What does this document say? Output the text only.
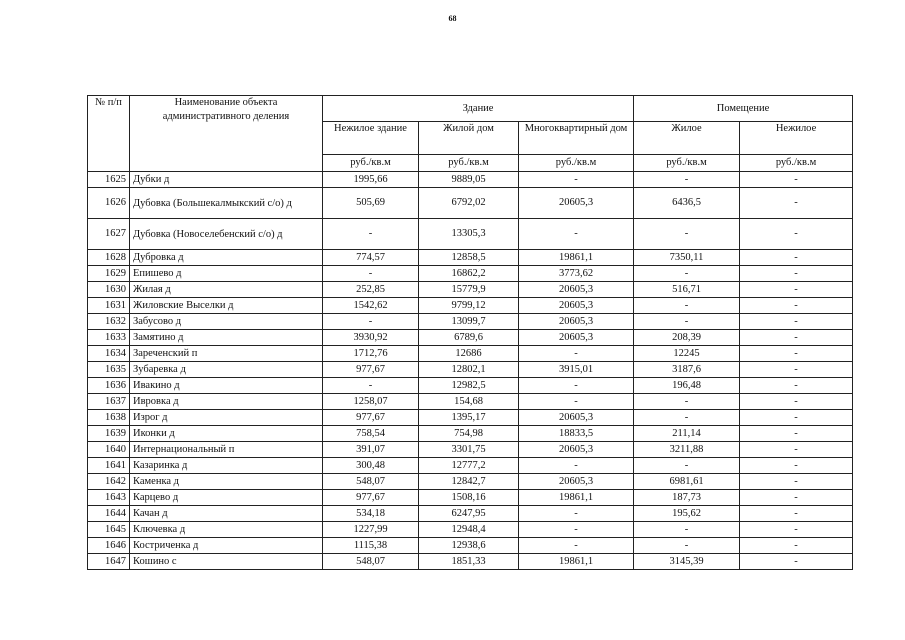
68
№ п/п	Наименование объекта административного деления	Здание			Помещение	
		Нежилое здание	Жилой дом	Многоквартирный дом	Жилое	Нежилое
		руб./кв.м	руб./кв.м	руб./кв.м	руб./кв.м	руб./кв.м
1625	Дубки д	1995,66	9889,05	-	-	-
1626	Дубовка (Большекалмыкский с/о) д	505,69	6792,02	20605,3	6436,5	-
1627	Дубовка (Новоселебенский с/о) д	-	13305,3	-	-	-
1628	Дубровка д	774,57	12858,5	19861,1	7350,11	-
1629	Епишево д	-	16862,2	3773,62	-	-
1630	Жилая д	252,85	15779,9	20605,3	516,71	-
1631	Жиловские Выселки д	1542,62	9799,12	20605,3	-	-
1632	Забусово д	-	13099,7	20605,3	-	-
1633	Замятино д	3930,92	6789,6	20605,3	208,39	-
1634	Зареченский п	1712,76	12686	-	12245	-
1635	Зубаревка д	977,67	12802,1	3915,01	3187,6	-
1636	Ивакино д	-	12982,5	-	196,48	-
1637	Ивровка д	1258,07	154,68	-	-	-
1638	Изрог д	977,67	1395,17	20605,3	-	-
1639	Иконки д	758,54	754,98	18833,5	211,14	-
1640	Интернациональный п	391,07	3301,75	20605,3	3211,88	-
1641	Казаринка д	300,48	12777,2	-	-	-
1642	Каменка д	548,07	12842,7	20605,3	6981,61	-
1643	Карцево д	977,67	1508,16	19861,1	187,73	-
1644	Качан д	534,18	6247,95	-	195,62	-
1645	Ключевка д	1227,99	12948,4	-	-	-
1646	Костриченка д	1115,38	12938,6	-	-	-
1647	Кошино с	548,07	1851,33	19861,1	3145,39	-
